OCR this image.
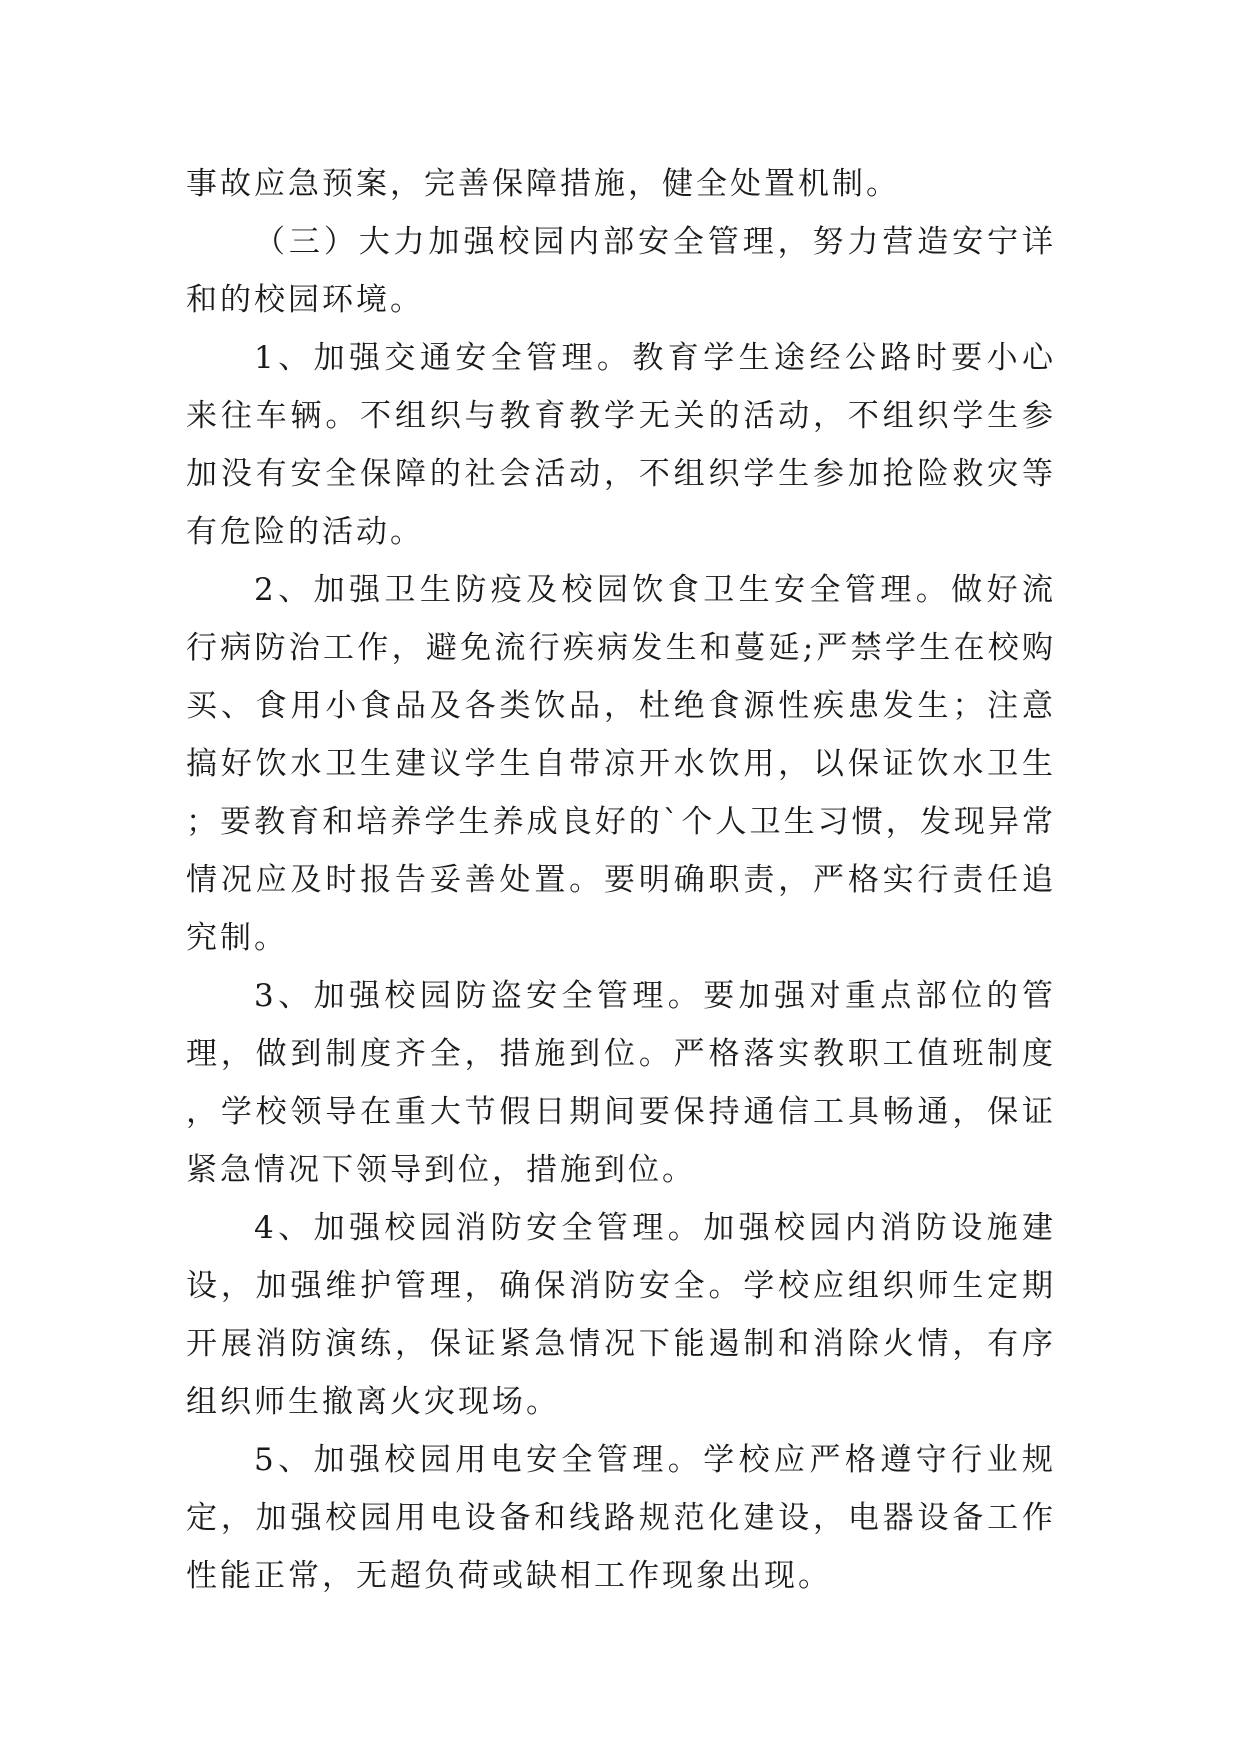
事故应急预案，完善保障措施，健全处置机制。

（三）大力加强校园内部安全管理，努力营造安宁详和的校园环境。

1、加强交通安全管理。教育学生途经公路时要小心来往车辆。不组织与教育教学无关的活动，不组织学生参加没有安全保障的社会活动，不组织学生参加抢险救灾等有危险的活动。

2、加强卫生防疫及校园饮食卫生安全管理。做好流行病防治工作，避免流行疾病发生和蔓延;严禁学生在校购买、食用小食品及各类饮品，杜绝食源性疾患发生；注意搞好饮水卫生建议学生自带凉开水饮用，以保证饮水卫生；要教育和培养学生养成良好的`个人卫生习惯，发现异常情况应及时报告妥善处置。要明确职责，严格实行责任追究制。

3、加强校园防盗安全管理。要加强对重点部位的管理，做到制度齐全，措施到位。严格落实教职工值班制度，学校领导在重大节假日期间要保持通信工具畅通，保证紧急情况下领导到位，措施到位。

4、加强校园消防安全管理。加强校园内消防设施建设，加强维护管理，确保消防安全。学校应组织师生定期开展消防演练，保证紧急情况下能遏制和消除火情，有序组织师生撤离火灾现场。

5、加强校园用电安全管理。学校应严格遵守行业规定，加强校园用电设备和线路规范化建设，电器设备工作性能正常，无超负荷或缺相工作现象出现。
